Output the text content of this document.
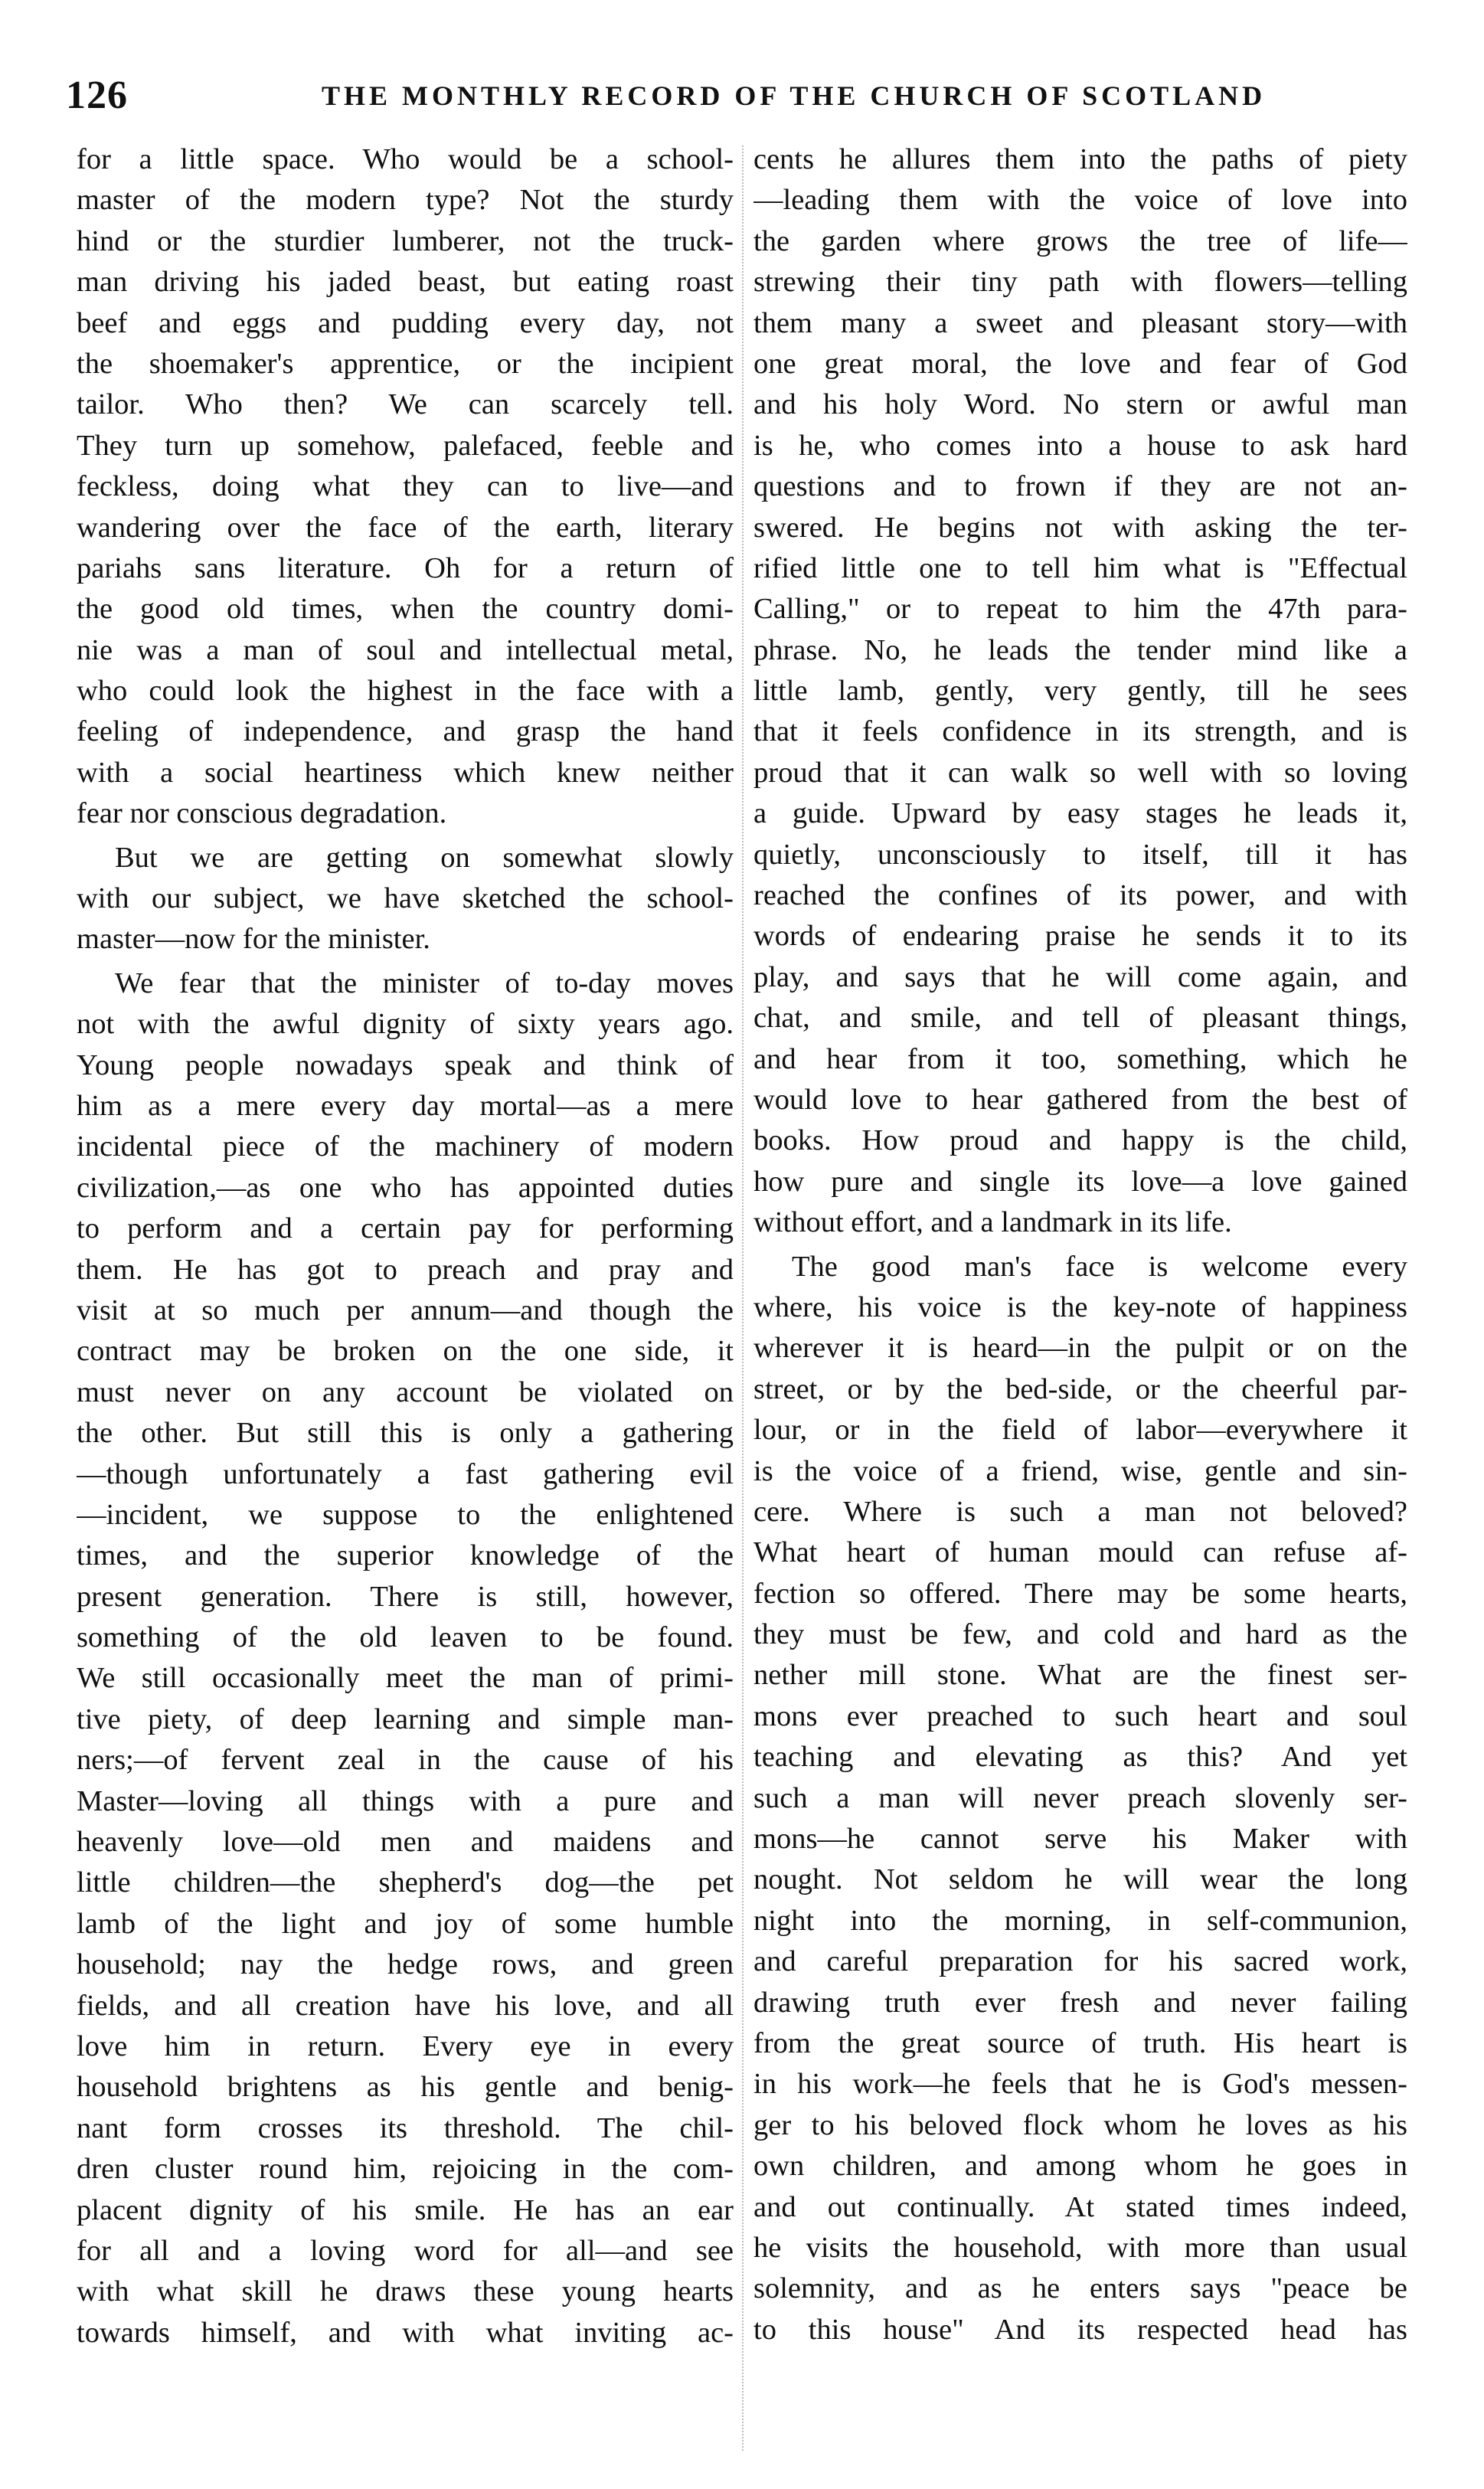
126	THE MONTHLY RECORD OF THE CHURCH OF SCOTLAND
for a little space. Who would be a school-
master of the modern type? Not the sturdy
hind or the sturdier lumberer, not the truck-
man driving his jaded beast, but eating roast
beef and eggs and pudding every day, not
the shoemaker's apprentice, or the incipient
tailor. Who then? We can scarcely tell.
They turn up somehow, palefaced, feeble and
feckless, doing what they can to live—and
wandering over the face of the earth, literary
pariahs sans literature. Oh for a return of
the good old times, when the country domi-
nie was a man of soul and intellectual metal,
who could look the highest in the face with a
feeling of independence, and grasp the hand
with a social heartiness which knew neither
fear nor conscious degradation.
But we are getting on somewhat slowly
with our subject, we have sketched the school-
master—now for the minister.
We fear that the minister of to-day moves
not with the awful dignity of sixty years ago.
Young people nowadays speak and think of
him as a mere every day mortal—as a mere
incidental piece of the machinery of modern
civilization,—as one who has appointed duties
to perform and a certain pay for performing
them. He has got to preach and pray and
visit at so much per annum—and though the
contract may be broken on the one side, it
must never on any account be violated on
the other. But still this is only a gathering
—though unfortunately a fast gathering evil
—incident, we suppose to the enlightened
times, and the superior knowledge of the
present generation. There is still, however,
something of the old leaven to be found.
We still occasionally meet the man of primi-
tive piety, of deep learning and simple man-
ners;—of fervent zeal in the cause of his
Master—loving all things with a pure and
heavenly love—old men and maidens and
little children—the shepherd's dog—the pet
lamb of the light and joy of some humble
household; nay the hedge rows, and green
fields, and all creation have his love, and all
love him in return. Every eye in every
household brightens as his gentle and benig-
nant form crosses its threshold. The chil-
dren cluster round him, rejoicing in the com-
placent dignity of his smile. He has an ear
for all and a loving word for all—and see
with what skill he draws these young hearts
towards himself, and with what inviting ac-
cents he allures them into the paths of piety
—leading them with the voice of love into
the garden where grows the tree of life—
strewing their tiny path with flowers—telling
them many a sweet and pleasant story—with
one great moral, the love and fear of God
and his holy Word. No stern or awful man
is he, who comes into a house to ask hard
questions and to frown if they are not an-
swered. He begins not with asking the ter-
rified little one to tell him what is "Effectual
Calling," or to repeat to him the 47th para-
phrase. No, he leads the tender mind like a
little lamb, gently, very gently, till he sees
that it feels confidence in its strength, and is
proud that it can walk so well with so loving
a guide. Upward by easy stages he leads it,
quietly, unconsciously to itself, till it has
reached the confines of its power, and with
words of endearing praise he sends it to its
play, and says that he will come again, and
chat, and smile, and tell of pleasant things,
and hear from it too, something, which he
would love to hear gathered from the best of
books. How proud and happy is the child,
how pure and single its love—a love gained
without effort, and a landmark in its life.
The good man's face is welcome every
where, his voice is the key-note of happiness
wherever it is heard—in the pulpit or on the
street, or by the bed-side, or the cheerful par-
lour, or in the field of labor—everywhere it
is the voice of a friend, wise, gentle and sin-
cere. Where is such a man not beloved?
What heart of human mould can refuse af-
fection so offered. There may be some hearts,
they must be few, and cold and hard as the
nether mill stone. What are the finest ser-
mons ever preached to such heart and soul
teaching and elevating as this? And yet
such a man will never preach slovenly ser-
mons—he cannot serve his Maker with
nought. Not seldom he will wear the long
night into the morning, in self-communion,
and careful preparation for his sacred work,
drawing truth ever fresh and never failing
from the great source of truth. His heart is
in his work—he feels that he is God's messen-
ger to his beloved flock whom he loves as his
own children, and among whom he goes in
and out continually. At stated times indeed,
he visits the household, with more than usual
solemnity, and as he enters says "peace be
to this house" And its respected head has
